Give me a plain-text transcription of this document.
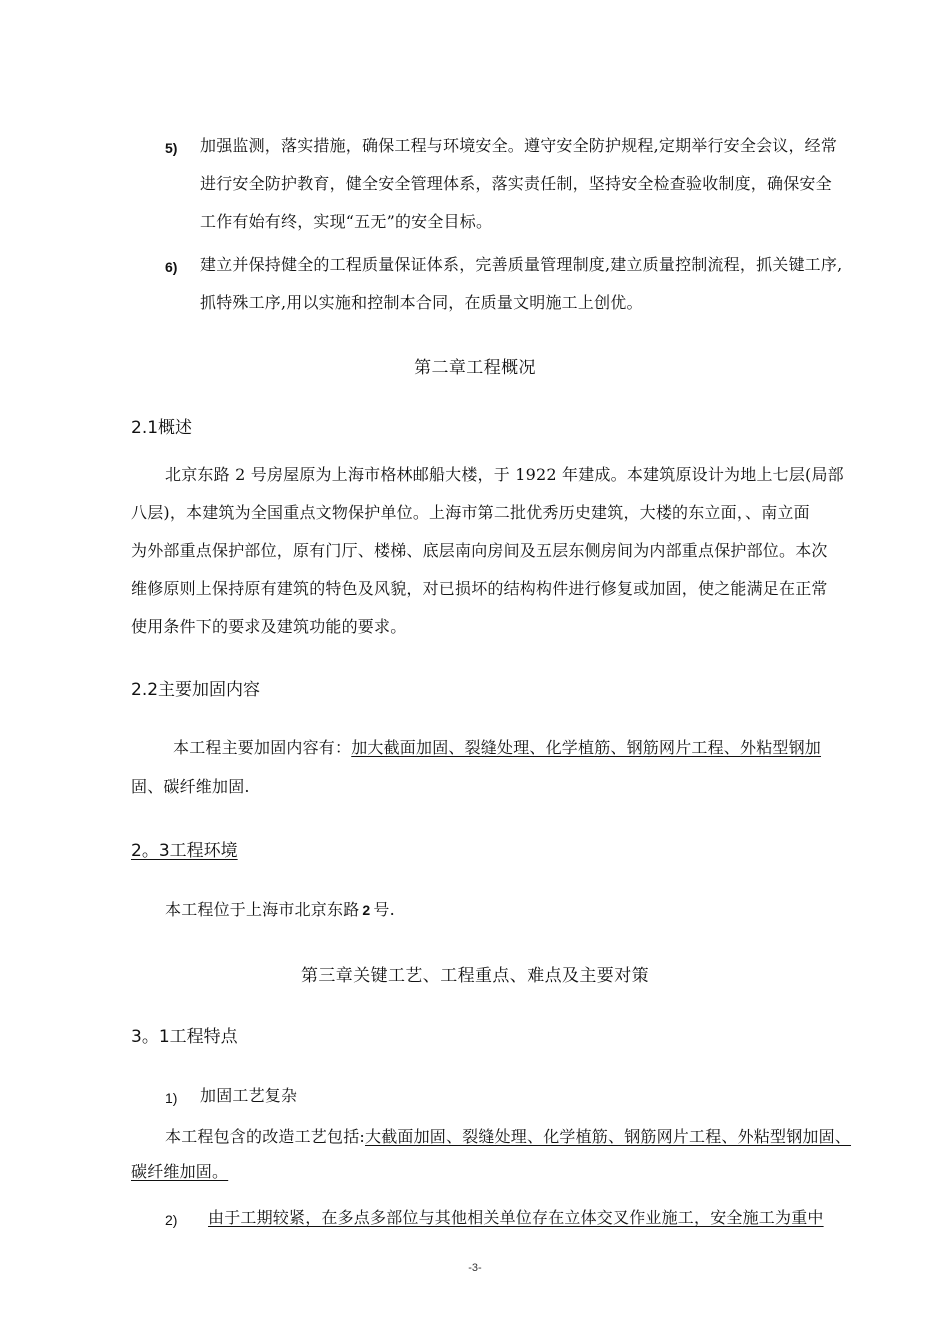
5) 加强监测，落实措施，确保工程与环境安全。遵守安全防护规程,定期举行安全会议，经常
进行安全防护教育，健全安全管理体系，落实责任制，坚持安全检查验收制度，确保安全
工作有始有终，实现“五无”的安全目标。
6) 建立并保持健全的工程质量保证体系，完善质量管理制度,建立质量控制流程，抓关键工序,
抓特殊工序,用以实施和控制本合同，在质量文明施工上创优。
第二章工程概况
2.1概述
北京东路 2 号房屋原为上海市格林邮船大楼，于 1922 年建成。本建筑原设计为地上七层(局部
八层)，本建筑为全国重点文物保护单位。上海市第二批优秀历史建筑，大楼的东立面，、南立面
为外部重点保护部位，原有门厅、楼梯、底层南向房间及五层东侧房间为内部重点保护部位。本次
维修原则上保持原有建筑的特色及风貌，对已损坏的结构构件进行修复或加固，使之能满足在正常
使用条件下的要求及建筑功能的要求。
2.2主要加固内容
本工程主要加固内容有：加大截面加固、裂缝处理、化学植筋、钢筋网片工程、外粘型钢加
固、碳纤维加固.
2。3工程环境
本工程位于上海市北京东路 2 号.
第三章关键工艺、工程重点、难点及主要对策
3。1工程特点
1) 加固工艺复杂
本工程包含的改造工艺包括:大截面加固、裂缝处理、化学植筋、钢筋网片工程、外粘型钢加固、
碳纤维加固。
2) 由于工期较紧，在多点多部位与其他相关单位存在立体交叉作业施工，安全施工为重中
-3-
